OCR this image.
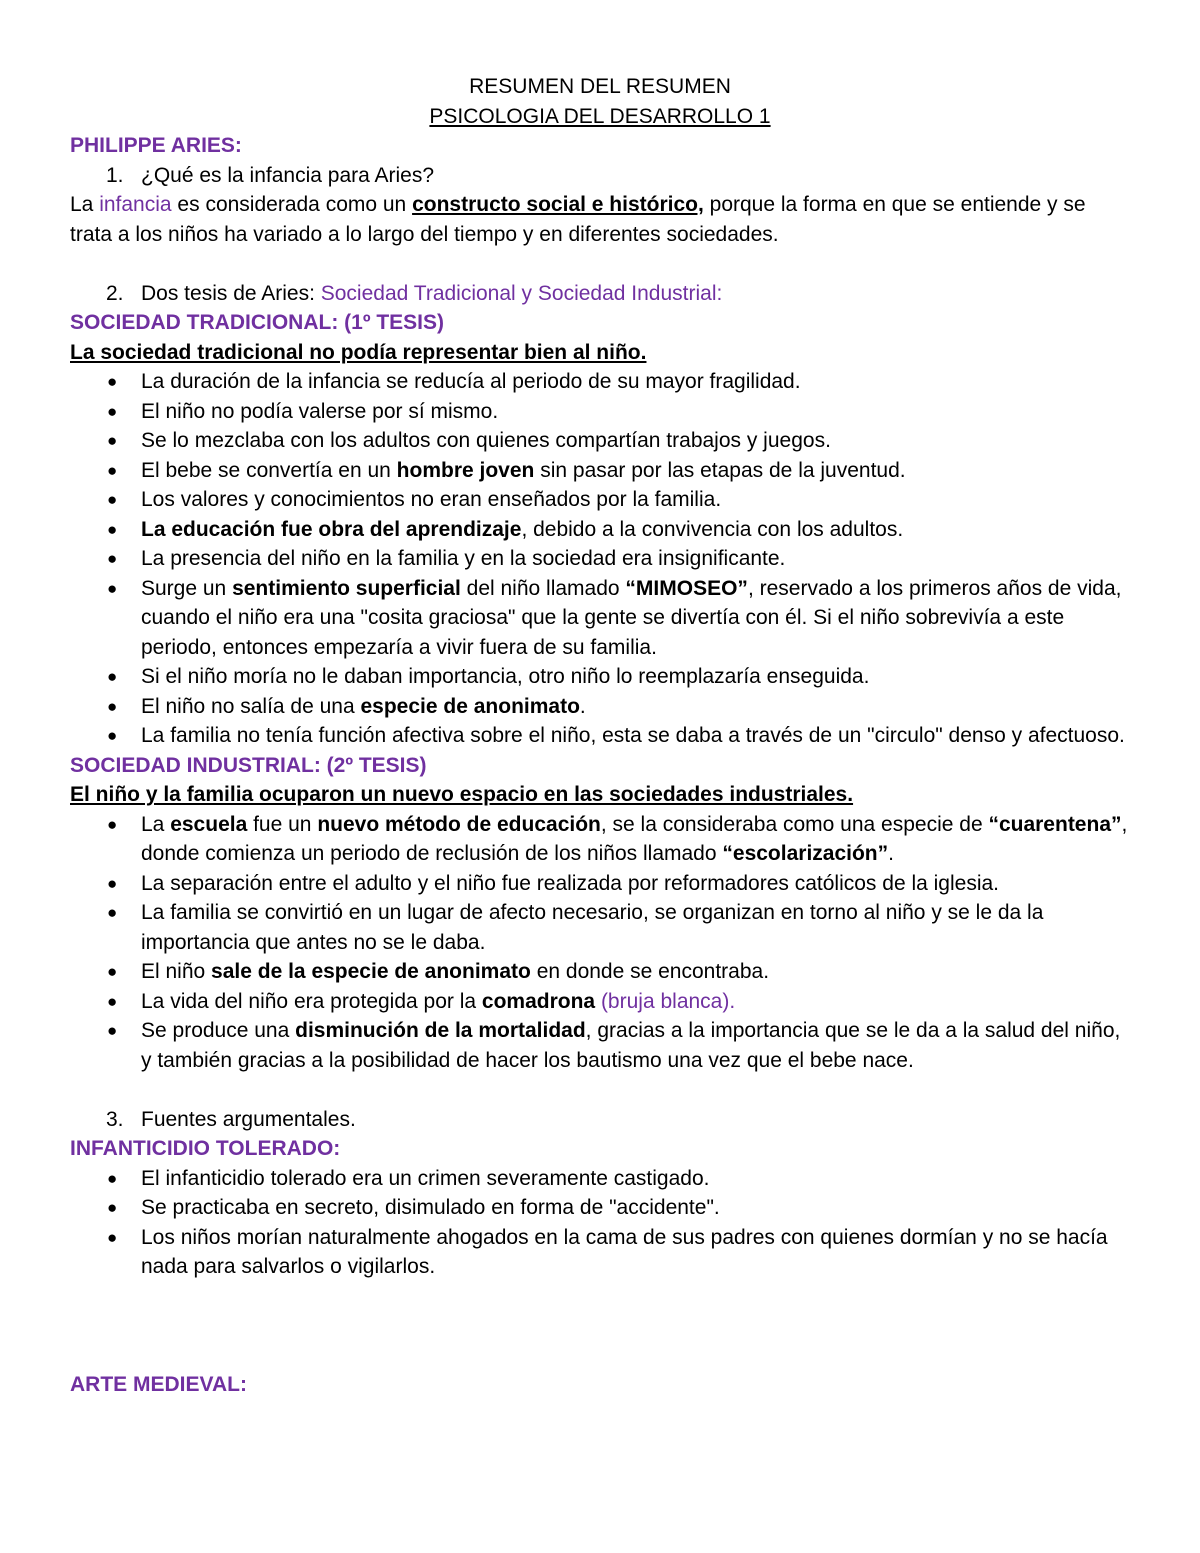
RESUMEN DEL RESUMEN

PSICOLOGIA DEL DESARROLLO 1

PHILIPPE ARIES:

1. ¿Qué es la infancia para Aries?

La infancia es considerada como un constructo social e histórico, porque la forma en que se entiende y se trata a los niños ha variado a lo largo del tiempo y en diferentes sociedades.

2. Dos tesis de Aries: Sociedad Tradicional y Sociedad Industrial:

SOCIEDAD TRADICIONAL: (1º TESIS)

La sociedad tradicional no podía representar bien al niño.

● La duración de la infancia se reducía al periodo de su mayor fragilidad.
● El niño no podía valerse por sí mismo.
● Se lo mezclaba con los adultos con quienes compartían trabajos y juegos.
● El bebe se convertía en un hombre joven sin pasar por las etapas de la juventud.
● Los valores y conocimientos no eran enseñados por la familia.
● La educación fue obra del aprendizaje, debido a la convivencia con los adultos.
● La presencia del niño en la familia y en la sociedad era insignificante.
● Surge un sentimiento superficial del niño llamado “MIMOSEO”, reservado a los primeros años de vida, cuando el niño era una "cosita graciosa" que la gente se divertía con él. Si el niño sobrevivía a este periodo, entonces empezaría a vivir fuera de su familia.
● Si el niño moría no le daban importancia, otro niño lo reemplazaría enseguida.
● El niño no salía de una especie de anonimato.
● La familia no tenía función afectiva sobre el niño, esta se daba a través de un "circulo" denso y afectuoso.

SOCIEDAD INDUSTRIAL: (2º TESIS)

El niño y la familia ocuparon un nuevo espacio en las sociedades industriales.

● La escuela fue un nuevo método de educación, se la consideraba como una especie de “cuarentena”, donde comienza un periodo de reclusión de los niños llamado “escolarización”.
● La separación entre el adulto y el niño fue realizada por reformadores católicos de la iglesia.
● La familia se convirtió en un lugar de afecto necesario, se organizan en torno al niño y se le da la importancia que antes no se le daba.
● El niño sale de la especie de anonimato en donde se encontraba.
● La vida del niño era protegida por la comadrona (bruja blanca).
● Se produce una disminución de la mortalidad, gracias a la importancia que se le da a la salud del niño, y también gracias a la posibilidad de hacer los bautismo una vez que el bebe nace.

3. Fuentes argumentales.

INFANTICIDIO TOLERADO:

● El infanticidio tolerado era un crimen severamente castigado.
● Se practicaba en secreto, disimulado en forma de "accidente".
● Los niños morían naturalmente ahogados en la cama de sus padres con quienes dormían y no se hacía nada para salvarlos o vigilarlos.

ARTE MEDIEVAL:
